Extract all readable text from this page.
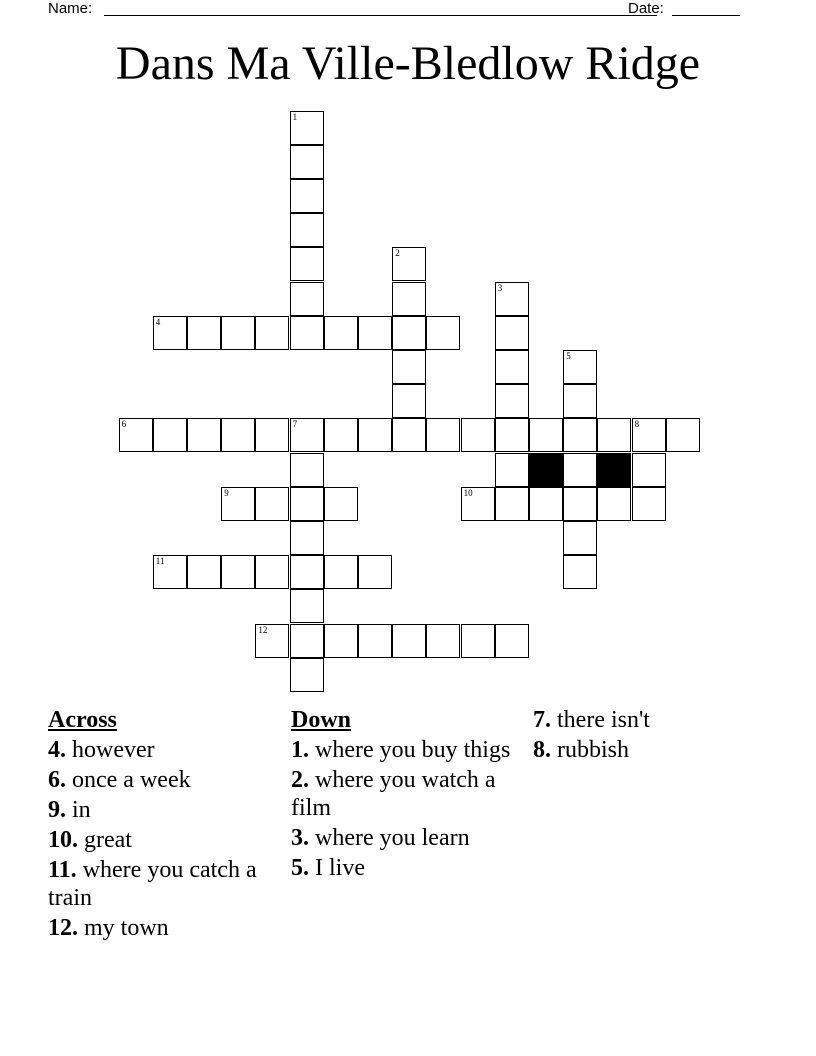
Name:	Date:
Dans Ma Ville-Bledlow Ridge
1
2
3
4
5
6	7	8
9	10
11
12
Across
4. however
6. once a week
9. in
10. great
11. where you catch a train
12. my town
Down
1. where you buy thigs
2. where you watch a film
3. where you learn
5. I live
7. there isn't
8. rubbish
